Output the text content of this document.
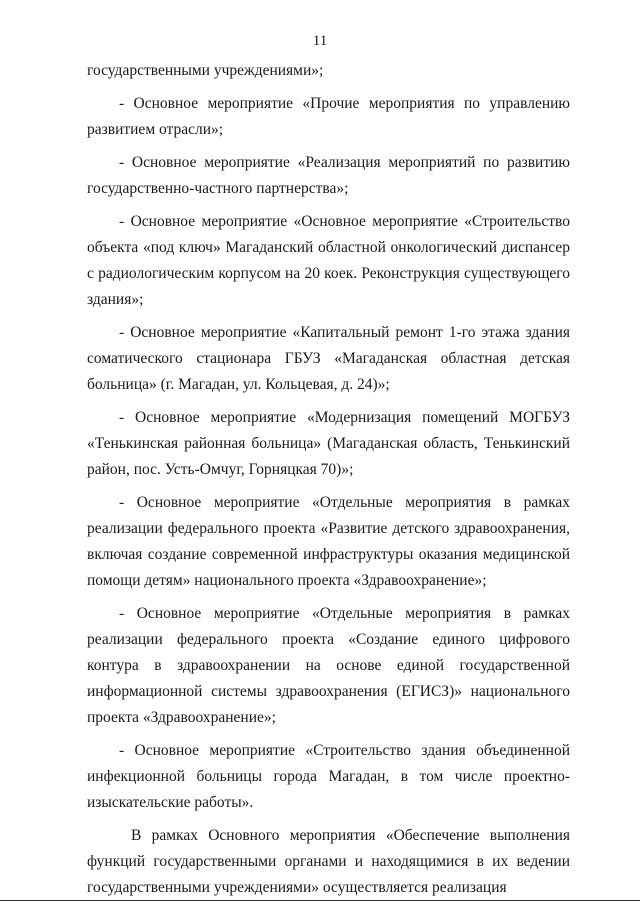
11

государственными учреждениями»;

- Основное мероприятие «Прочие мероприятия по управлению развитием отрасли»;

- Основное мероприятие «Реализация мероприятий по развитию государственно-частного партнерства»;

- Основное мероприятие «Основное мероприятие «Строительство объекта «под ключ» Магаданский областной онкологический диспансер с радиологическим корпусом на 20 коек. Реконструкция существующего здания»;

- Основное мероприятие «Капитальный ремонт 1-го этажа здания соматического стационара ГБУЗ «Магаданская областная детская больница» (г. Магадан, ул. Кольцевая, д. 24)»;

- Основное мероприятие «Модернизация помещений МОГБУЗ «Тенькинская районная больница» (Магаданская область, Тенькинский район, пос. Усть-Омчуг, Горняцкая 70)»;

- Основное мероприятие «Отдельные мероприятия в рамках реализации федерального проекта «Развитие детского здравоохранения, включая создание современной инфраструктуры оказания медицинской помощи детям» национального проекта «Здравоохранение»;

- Основное мероприятие «Отдельные мероприятия в рамках реализации федерального проекта «Создание единого цифрового контура в здравоохранении на основе единой государственной информационной системы здравоохранения (ЕГИСЗ)» национального проекта «Здравоохранение»;

- Основное мероприятие «Строительство здания объединенной инфекционной больницы города Магадан, в том числе проектно-изыскательские работы».

В рамках Основного мероприятия «Обеспечение выполнения функций государственными органами и находящимися в их ведении государственными учреждениями» осуществляется реализация
